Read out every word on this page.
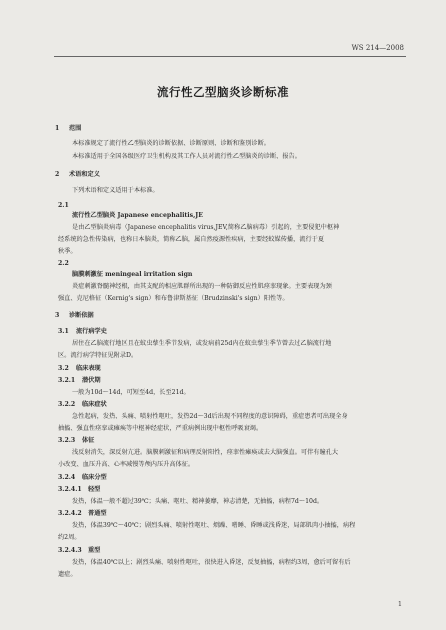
WS 214—2008
流行性乙型脑炎诊断标准
1 范围
本标准规定了流行性乙型脑炎的诊断依据、诊断原则、诊断和鉴别诊断。
本标准适用于全国各级医疗卫生机构及其工作人员对流行性乙型脑炎的诊断、报告。
2 术语和定义
下列术语和定义适用于本标准。
2.1
流行性乙型脑炎 Japanese encephalitis,JE
是由乙型脑炎病毒（Japanese encephalitis virus,JEV,简称乙脑病毒）引起的，主要侵犯中枢神
经系统的急性传染病，也称日本脑炎，简称乙脑，属自然疫源性疾病，主要经蚊媒传播，流行于夏
秋季。
2.2
脑膜刺激征 meningeal irritation sign
炎症刺激脊髓神经根，由其支配的相应肌群所出现的一种防御反应性肌痉挛现象。主要表现为颈
强直、克尼格征（Kernig's sign）和布鲁津斯基征（Brudzinski's sign）阳性等。
3 诊断依据
3.1 流行病学史
居住在乙脑流行地区且在蚊虫孳生季节发病，或发病前25d内在蚊虫孳生季节曾去过乙脑流行地
区。流行病学特征见附录D。
3.2 临床表现
3.2.1 潜伏期
一般为10d～14d，可短至4d，长至21d。
3.2.2 临床症状
急性起病，发热、头痛、喷射性呕吐，发热2d～3d后出现不同程度的意识障碍，重症患者可出现全身
抽搐、强直性痉挛或瘫痪等中枢神经症状，严重病例出现中枢性呼吸衰竭。
3.2.3 体征
浅反射消失，深反射亢进。脑膜刺激征和病理反射阳性，痉挛性瘫痪或去大脑强直。可伴有瞳孔大
小改变、血压升高、心率减慢等颅内压升高体征。
3.2.4 临床分型
3.2.4.1 轻型
发热，体温一般不超过39℃；头痛、呕吐、精神萎靡，神志清楚，无抽搐，病程7d～10d。
3.2.4.2 普通型
发热，体温39℃～40℃；剧烈头痛、喷射性呕吐、烦躁、嗜睡、昏睡或浅昏迷，局部肌肉小抽搐，病程
约2周。
3.2.4.3 重型
发热，体温40℃以上；剧烈头痛、喷射性呕吐，很快进入昏迷，反复抽搐，病程约3周，愈后可留有后
遗症。
1
